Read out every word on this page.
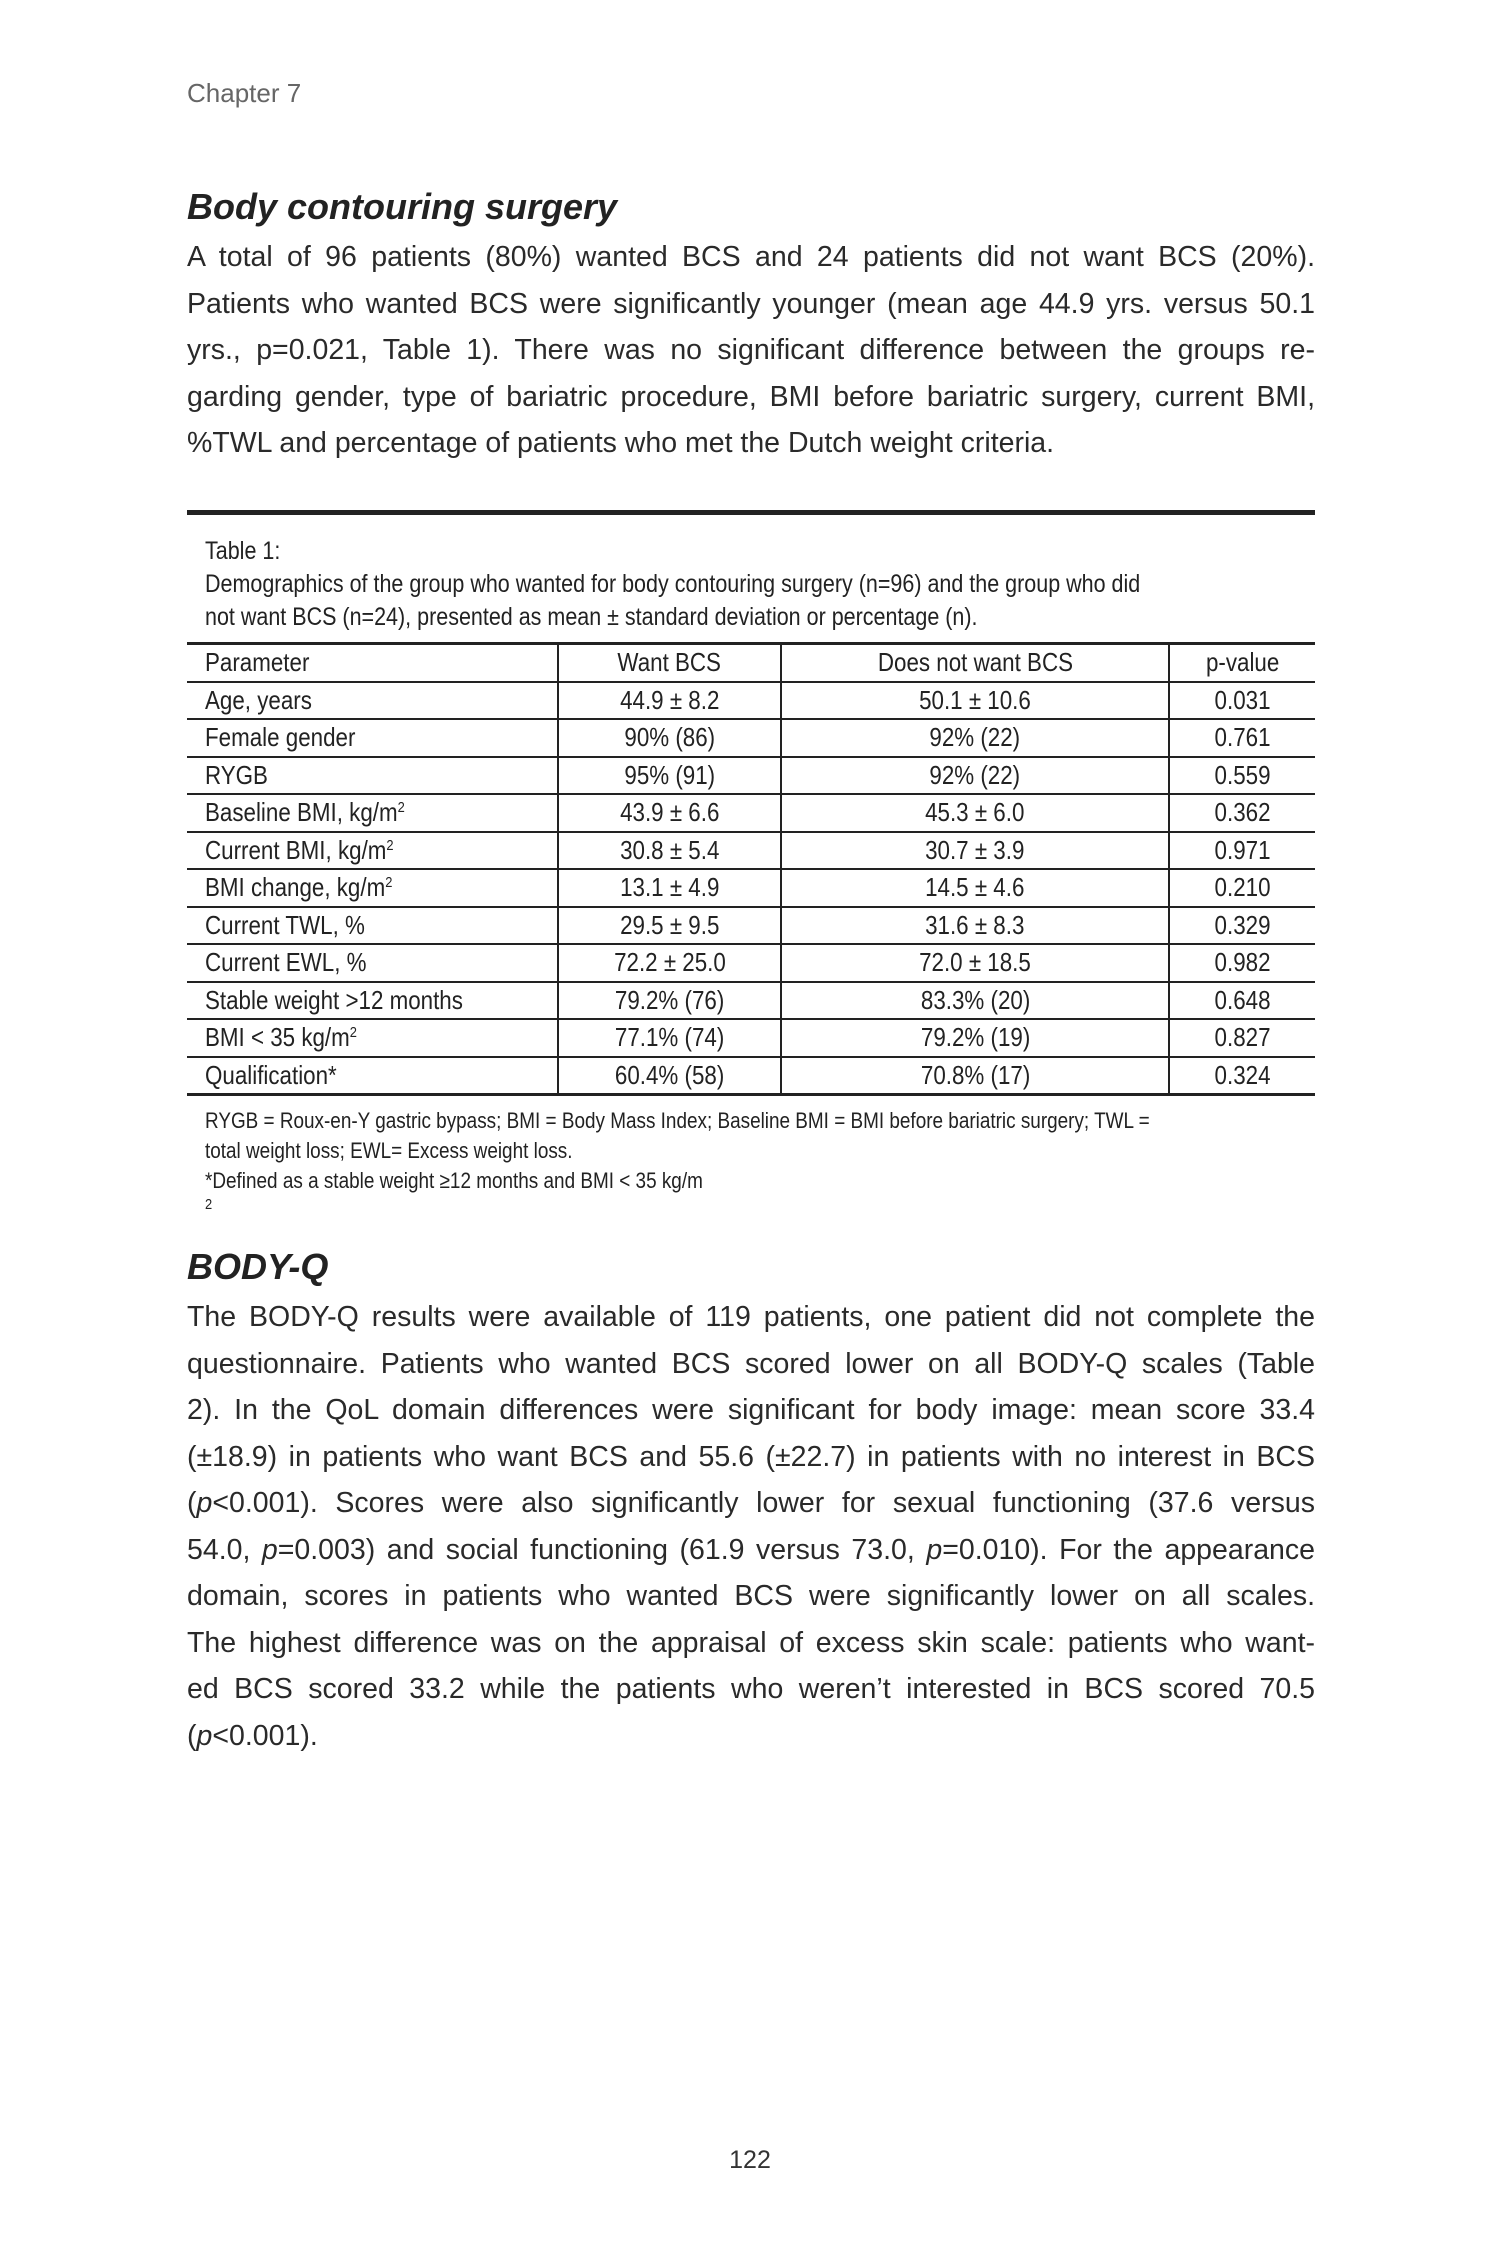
Chapter 7
Body contouring surgery
A total of 96 patients (80%) wanted BCS and 24 patients did not want BCS (20%).
Patients who wanted BCS were significantly younger (mean age 44.9 yrs. versus 50.1
yrs., p=0.021, Table 1). There was no significant difference between the groups re-
garding gender, type of bariatric procedure, BMI before bariatric surgery, current BMI,
%TWL and percentage of patients who met the Dutch weight criteria.
Table 1:
Demographics of the group who wanted for body contouring surgery (n=96) and the group who did
not want BCS (n=24), presented as mean ± standard deviation or percentage (n).
Parameter	Want BCS	Does not want BCS	p-value
Age, years	44.9 ± 8.2	50.1 ± 10.6	0.031
Female gender	90% (86)	92% (22)	0.761
RYGB	95% (91)	92% (22)	0.559
Baseline BMI, $kg/m^2$	43.9 ± 6.6	45.3 ± 6.0	0.362
Current BMI, $kg/m^2$	30.8 ± 5.4	30.7 ± 3.9	0.971
BMI change, $kg/m^2$	13.1 ± 4.9	14.5 ± 4.6	0.210
Current TWL, %	29.5 ± 9.5	31.6 ± 8.3	0.329
Current EWL, %	72.2 ± 25.0	72.0 ± 18.5	0.982
Stable weight >12 months	79.2% (76)	83.3% (20)	0.648
BMI < 35 $kg/m^2$	77.1% (74)	79.2% (19)	0.827
Qualification*	60.4% (58)	70.8% (17)	0.324
RYGB = Roux-en-Y gastric bypass; BMI = Body Mass Index; Baseline BMI = BMI before bariatric surgery; TWL =
total weight loss; EWL= Excess weight loss.
*Defined as a stable weight ≥12 months and BMI < 35 kg/m
$^2$
BODY-Q
The BODY-Q results were available of 119 patients, one patient did not complete the
questionnaire. Patients who wanted BCS scored lower on all BODY-Q scales (Table
2). In the QoL domain differences were significant for body image: mean score 33.4
(±18.9) in patients who want BCS and 55.6 (±22.7) in patients with no interest in BCS
(p<0.001). Scores were also significantly lower for sexual functioning (37.6 versus
54.0, p=0.003) and social functioning (61.9 versus 73.0, p=0.010). For the appearance
domain, scores in patients who wanted BCS were significantly lower on all scales.
The highest difference was on the appraisal of excess skin scale: patients who want-
ed BCS scored 33.2 while the patients who weren’t interested in BCS scored 70.5
(p<0.001).
122
